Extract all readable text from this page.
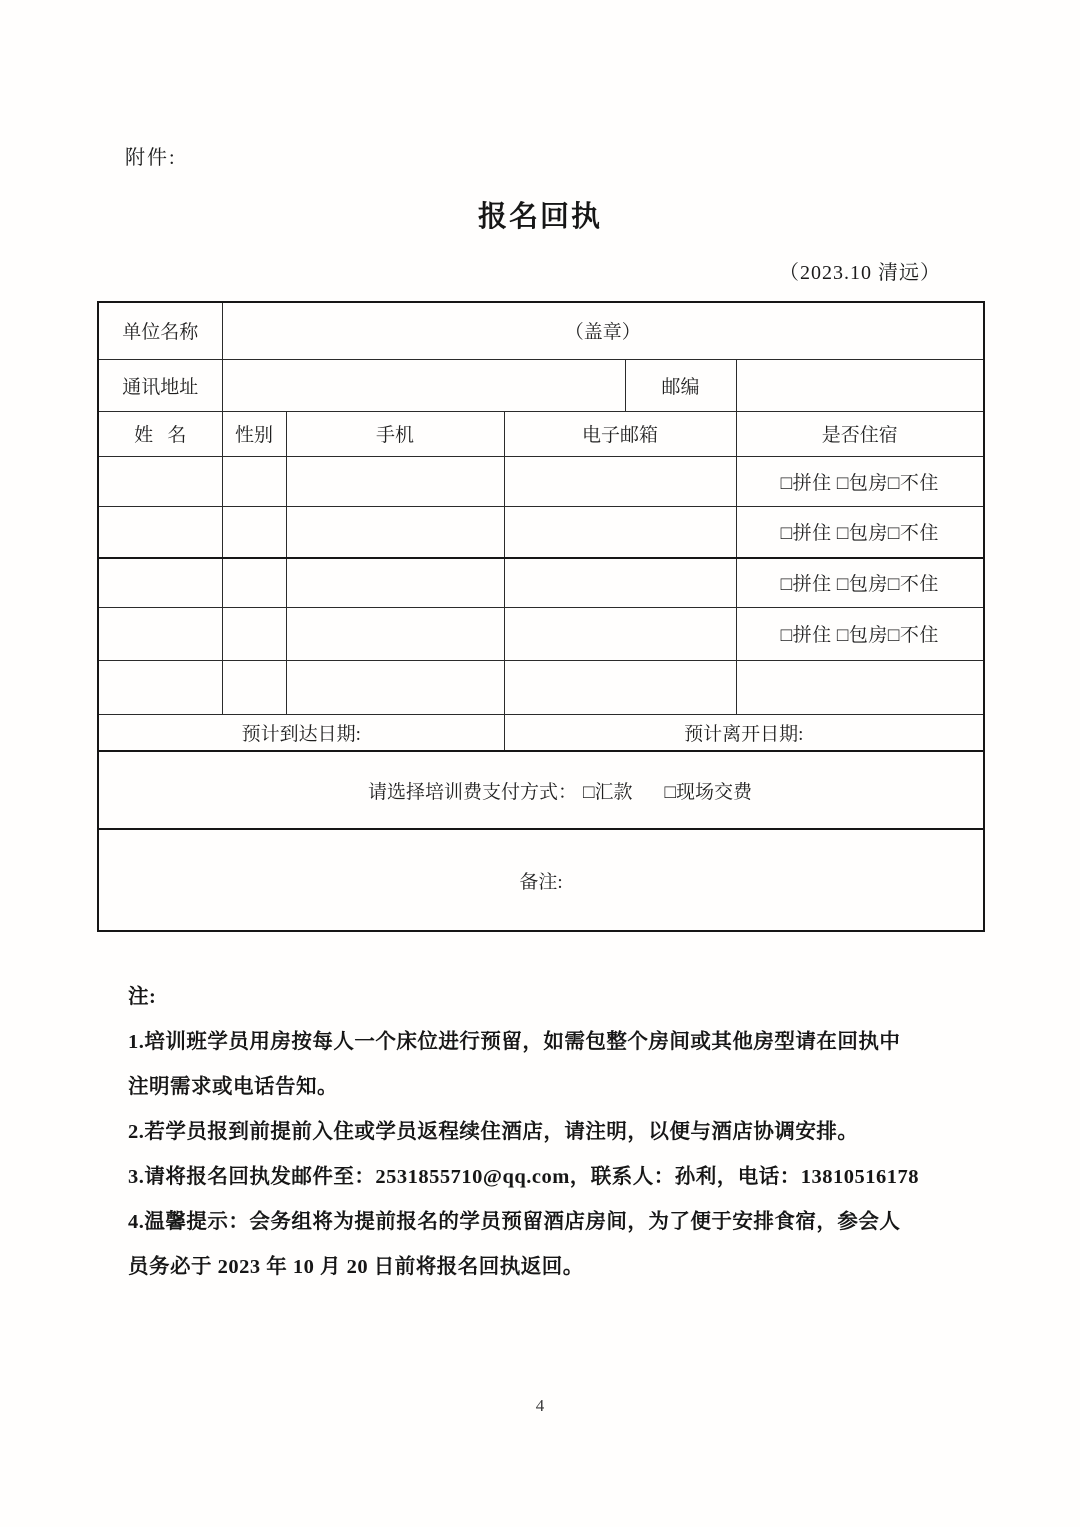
附件:
报名回执
（2023.10 清远）
单位名称	（盖章）				
通讯地址				邮编	
姓   名	性别	手机	电子邮箱		是否住宿
					□拼住 □包房□不住
					□拼住 □包房□不住
					□拼住 □包房□不住
					□拼住 □包房□不住

预计到达日期:			预计离开日期:		

请选择培训费支付方式： □汇款 □现场交费					

备注:					
注:
1.培训班学员用房按每人一个床位进行预留，如需包整个房间或其他房型请在回执中
注明需求或电话告知。
2.若学员报到前提前入住或学员返程续住酒店，请注明，以便与酒店协调安排。
3.请将报名回执发邮件至：2531855710@qq.com，联系人：孙利，电话：13810516178
4.温馨提示：会务组将为提前报名的学员预留酒店房间，为了便于安排食宿，参会人
员务必于 2023 年 10 月 20 日前将报名回执返回。
4
